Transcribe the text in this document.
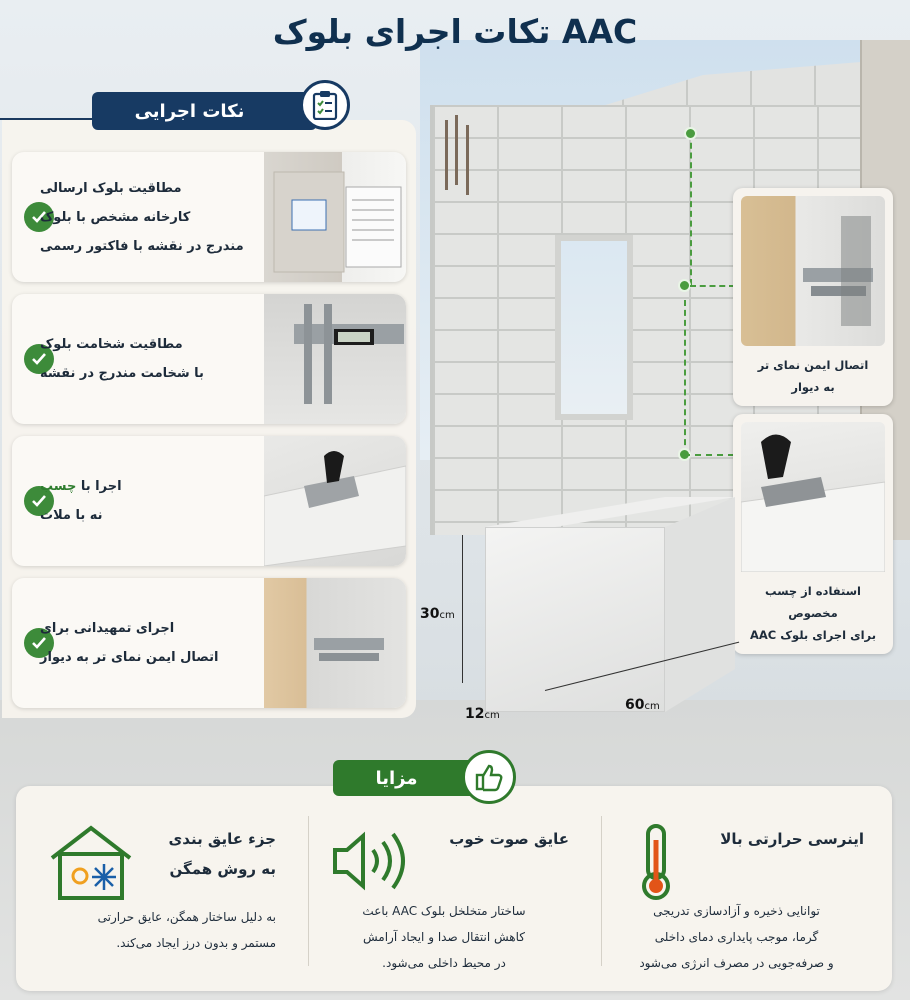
تکات اجرای بلوک AAC
نکات اجرایی
مطاقیت بلوک ارسالی
کارخانه مشخص با بلوک
مندرج در نقشه با فاکتور رسمی
مطاقیت شخامت بلوک
با شخامت مندرج در نقشه
اجرا با چسب
نه با ملات
اجرای تمهیدانی برای
اتصال ایمن نمای تر به دیوار
اتصال ایمن نمای تر
به دیوار
استفاده از چسب مخصوص
برای اجرای بلوک AAC
30cm
60cm
12cm
جزء عایق بندی
به روش همگن
به دلیل ساختار همگن، عایق حرارتی
مستمر و بدون درز ایجاد می‌کند.
عایق صوت خوب
ساختار متخلخل بلوک AAC باعث
کاهش انتقال صدا و ایجاد آرامش
در محیط داخلی می‌شود.
اینرسی حرارتی بالا
توانایی ذخیره و آزادسازی تدریجی
گرما، موجب پایداری دمای داخلی
و صرفه‌جویی در مصرف انرژی می‌شود
مزایا
